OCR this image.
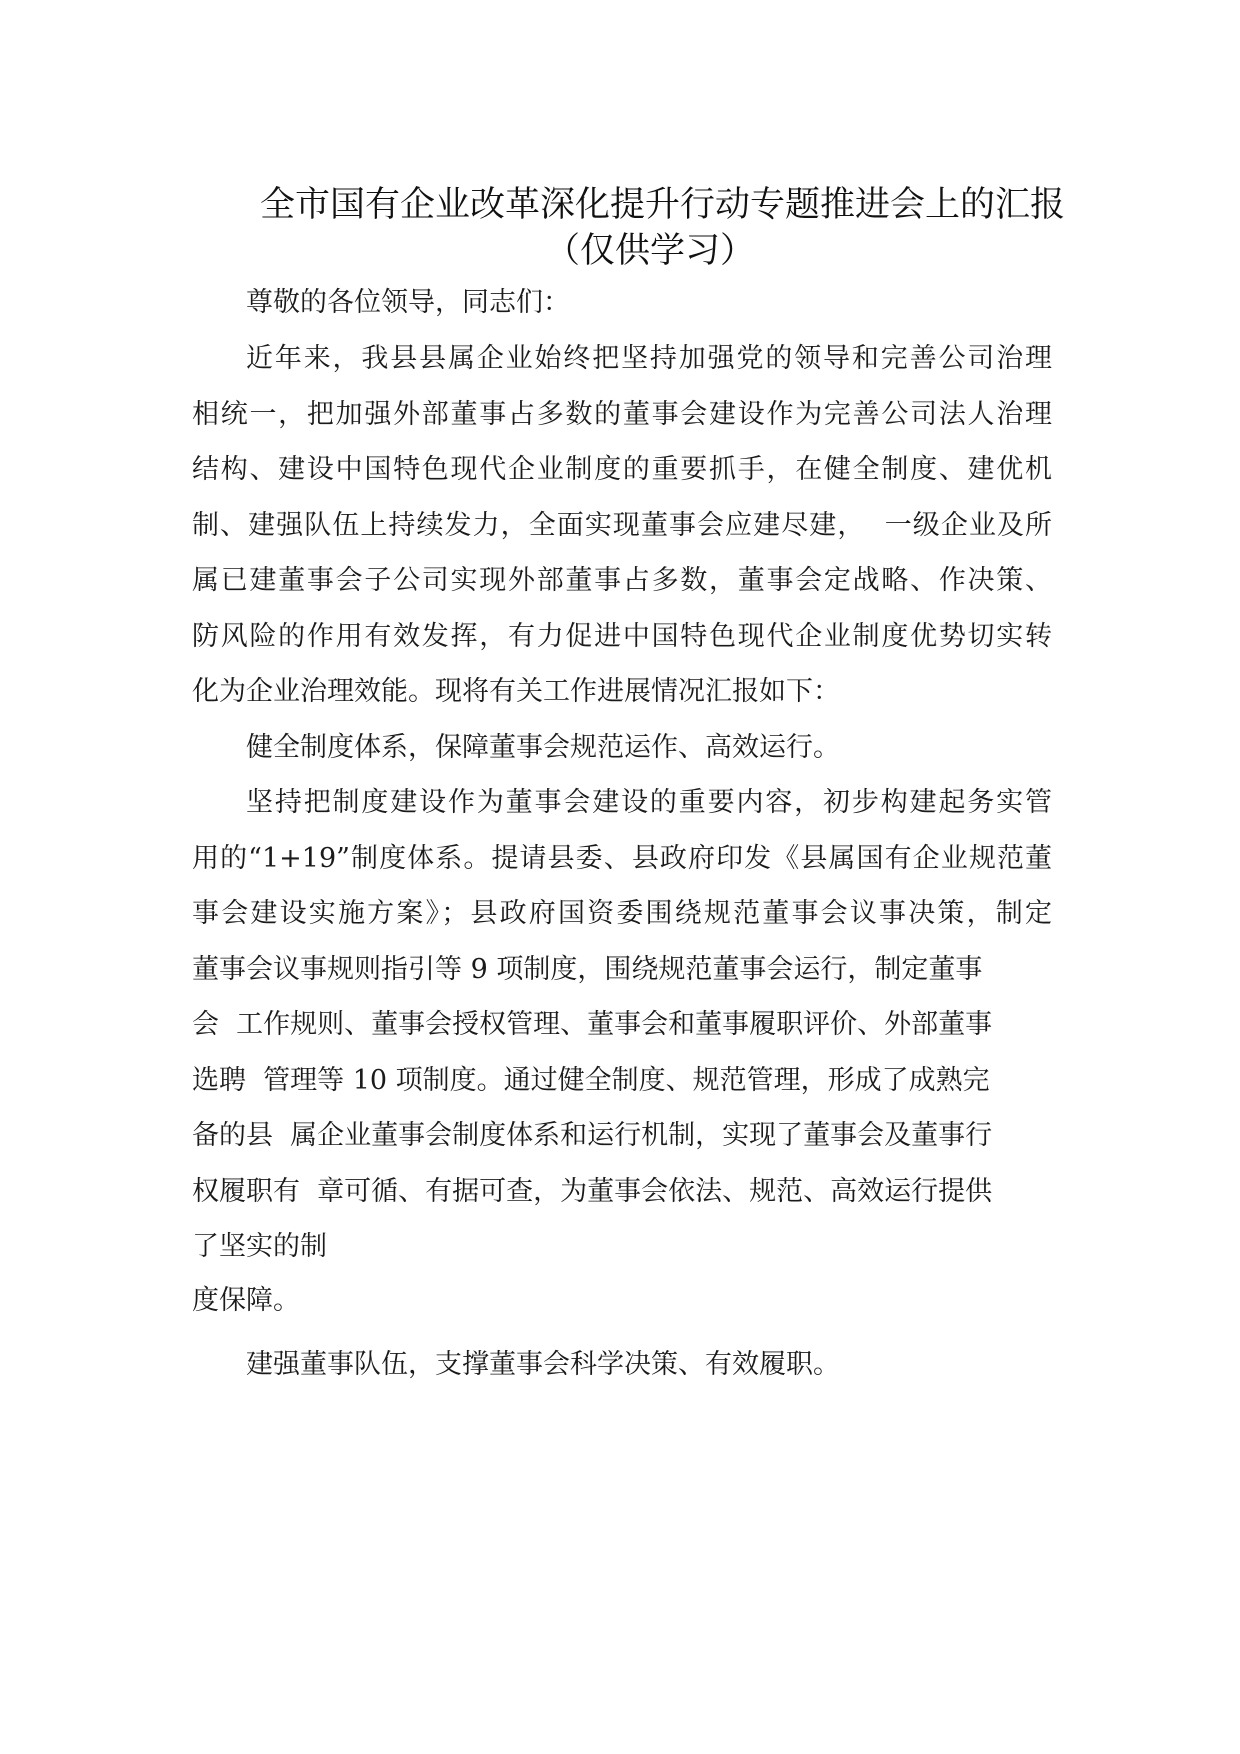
全市国有企业改革深化提升行动专题推进会上的汇报
（仅供学习）
尊敬的各位领导，同志们：
近年来，我县县属企业始终把坚持加强党的领导和完善公司治理
相统一，把加强外部董事占多数的董事会建设作为完善公司法人治理
结构、建设中国特色现代企业制度的重要抓手，在健全制度、建优机
制、建强队伍上持续发力，全面实现董事会应建尽建，  一级企业及所
属已建董事会子公司实现外部董事占多数，董事会定战略、作决策、
防风险的作用有效发挥，有力促进中国特色现代企业制度优势切实转
化为企业治理效能。现将有关工作进展情况汇报如下：
健全制度体系，保障董事会规范运作、高效运行。
坚持把制度建设作为董事会建设的重要内容，初步构建起务实管
用的“1+19”制度体系。提请县委、县政府印发《县属国有企业规范董
事会建设实施方案》；县政府国资委围绕规范董事会议事决策，制定
董事会议事规则指引等 9 项制度，围绕规范董事会运行，制定董事
会  工作规则、董事会授权管理、董事会和董事履职评价、外部董事
选聘  管理等 10 项制度。通过健全制度、规范管理，形成了成熟完
备的县  属企业董事会制度体系和运行机制，实现了董事会及董事行
权履职有  章可循、有据可查，为董事会依法、规范、高效运行提供
了坚实的制
度保障。
建强董事队伍，支撑董事会科学决策、有效履职。
